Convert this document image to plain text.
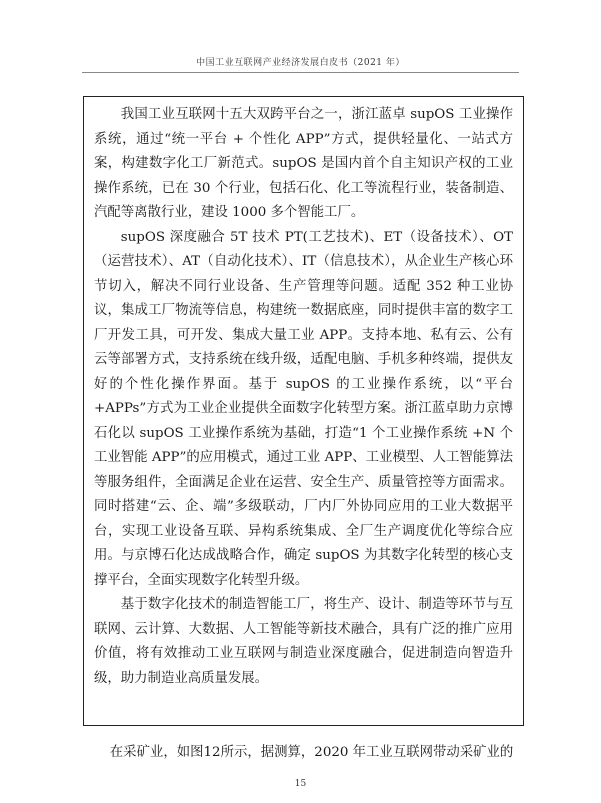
中国工业互联网产业经济发展白皮书（2021 年）

我国工业互联网十五大双跨平台之一，浙江蓝卓 supOS 工业操作系统，通过“统一平台 + 个性化 APP”方式，提供轻量化、一站式方案，构建数字化工厂新范式。supOS 是国内首个自主知识产权的工业操作系统，已在 30 个行业，包括石化、化工等流程行业，装备制造、汽配等离散行业，建设 1000 多个智能工厂。

supOS 深度融合 5T 技术 PT(工艺技术)、ET（设备技术）、OT（运营技术）、AT（自动化技术）、IT（信息技术），从企业生产核心环节切入，解决不同行业设备、生产管理等问题。适配 352 种工业协议，集成工厂物流等信息，构建统一数据底座，同时提供丰富的数字工厂开发工具，可开发、集成大量工业 APP。支持本地、私有云、公有云等部署方式，支持系统在线升级，适配电脑、手机多种终端，提供友好的个性化操作界面。基于 supOS 的工业操作系统，以“平台 +APPs”方式为工业企业提供全面数字化转型方案。浙江蓝卓助力京博石化以 supOS 工业操作系统为基础，打造“1 个工业操作系统 +N 个工业智能 APP”的应用模式，通过工业 APP、工业模型、人工智能算法等服务组件，全面满足企业在运营、安全生产、质量管控等方面需求。同时搭建“云、企、端”多级联动，厂内厂外协同应用的工业大数据平台，实现工业设备互联、异构系统集成、全厂生产调度优化等综合应用。与京博石化达成战略合作，确定 supOS 为其数字化转型的核心支撑平台，全面实现数字化转型升级。

基于数字化技术的制造智能工厂，将生产、设计、制造等环节与互联网、云计算、大数据、人工智能等新技术融合，具有广泛的推广应用价值，将有效推动工业互联网与制造业深度融合，促进制造向智造升级，助力制造业高质量发展。

在采矿业，如图12所示，据测算，2020 年工业互联网带动采矿业的

15
